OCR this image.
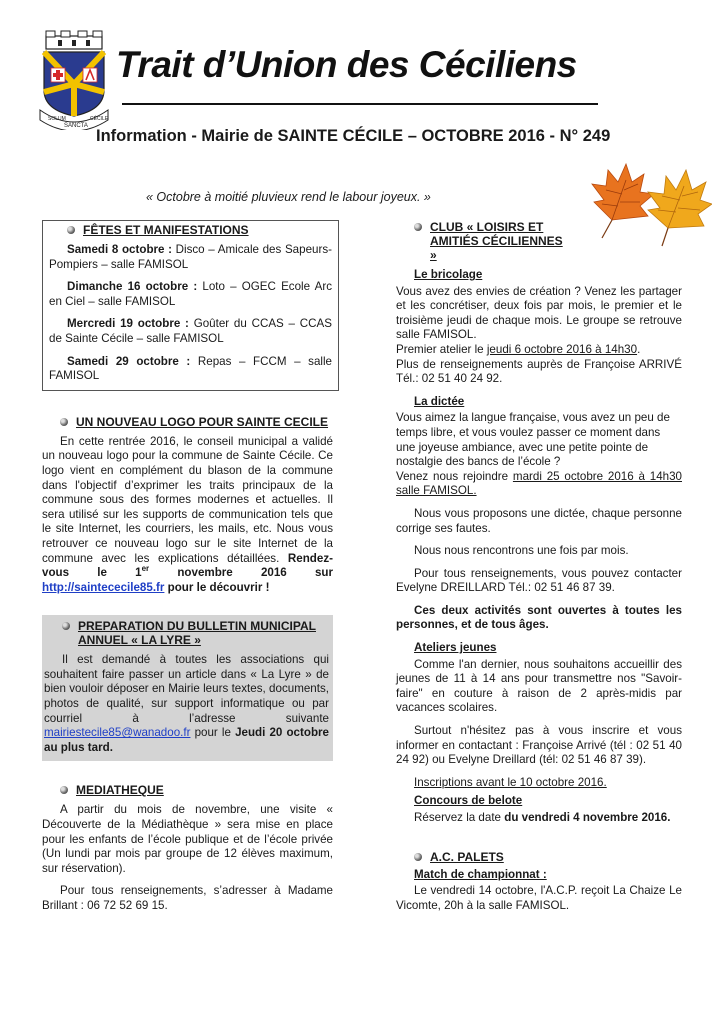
SOLUM
SANCTA
CÉCILE
Trait d’Union des Céciliens
Information - Mairie de SAINTE CÉCILE – OCTOBRE 2016 - N° 249
« Octobre à moitié pluvieux rend le labour joyeux. »
FÊTES ET MANIFESTATIONS

Samedi 8 octobre : Disco – Amicale des Sapeurs-Pompiers – salle FAMISOL

Dimanche 16 octobre : Loto – OGEC Ecole Arc en Ciel – salle FAMISOL

Mercredi 19 octobre : Goûter du CCAS – CCAS de Sainte Cécile – salle FAMISOL

Samedi 29 octobre : Repas – FCCM – salle FAMISOL

UN NOUVEAU LOGO POUR SAINTE CECILE

En cette rentrée 2016, le conseil municipal a validé un nouveau logo pour la commune de Sainte Cécile. Ce logo vient en complément du blason de la commune dans l'objectif d’exprimer les traits principaux de la commune sous des formes modernes et actuelles. Il sera utilisé sur les supports de communication tels que le site Internet, les courriers, les mails, etc. Nous vous retrouver ce nouveau logo sur le site Internet de la commune avec les explications détaillées. Rendez-vous le 1er novembre 2016 sur http://saintececile85.fr pour le découvrir !

PREPARATION DU BULLETIN MUNICIPAL ANNUEL « LA LYRE »

Il est demandé à toutes les associations qui souhaitent faire passer un article dans « La Lyre » de bien vouloir déposer en Mairie leurs textes, documents, photos de qualité, sur support informatique ou par courriel à l’adresse suivante mairiestecile85@wanadoo.fr pour le Jeudi 20 octobre au plus tard.

MEDIATHEQUE

A partir du mois de novembre, une visite « Découverte de la Médiathèque » sera mise en place pour les enfants de l’école publique et de l’école privée (Un lundi par mois par groupe de 12 élèves maximum, sur réservation).

Pour tous renseignements, s’adresser à Madame Brillant : 06 72 52 69 15.

CLUB « LOISIRS ET AMITIÉS CÉCILIENNES »
Le bricolage

Vous avez des envies de création ? Venez les partager et les concrétiser, deux fois par mois, le premier et le troisième jeudi de chaque mois. Le groupe se retrouve salle FAMISOL.

Premier atelier le jeudi 6 octobre 2016 à 14h30.

Plus de renseignements auprès de Françoise ARRIVÉ Tél.: 02 51 40 24 92.

La dictée

Vous aimez la langue française, vous avez un peu de temps libre, et vous voulez passer ce moment dans une joyeuse ambiance, avec une petite pointe de nostalgie des bancs de l’école ?

Venez nous rejoindre mardi 25 octobre 2016 à 14h30 salle FAMISOL.

Nous vous proposons une dictée, chaque personne corrige ses fautes.

Nous nous rencontrons une fois par mois.

Pour tous renseignements, vous pouvez contacter Evelyne DREILLARD Tél.: 02 51 46 87 39.

Ces deux activités sont ouvertes à toutes les personnes, et de tous âges.

Ateliers jeunes

Comme l'an dernier, nous souhaitons accueillir des jeunes de 11 à 14 ans pour transmettre nos "Savoir-faire" en couture à raison de 2 après-midis par vacances scolaires.

Surtout n'hésitez pas à vous inscrire et vous informer en contactant : Françoise Arrivé (tél : 02 51 40 24 92) ou Evelyne Dreillard (tél: 02 51 46 87 39).

Inscriptions avant le 10 octobre 2016.

Concours de belote

Réservez la date du vendredi 4 novembre 2016.

A.C. PALETS
Match de championnat :

Le vendredi 14 octobre, l'A.C.P. reçoit La Chaize Le Vicomte, 20h à la salle FAMISOL.
